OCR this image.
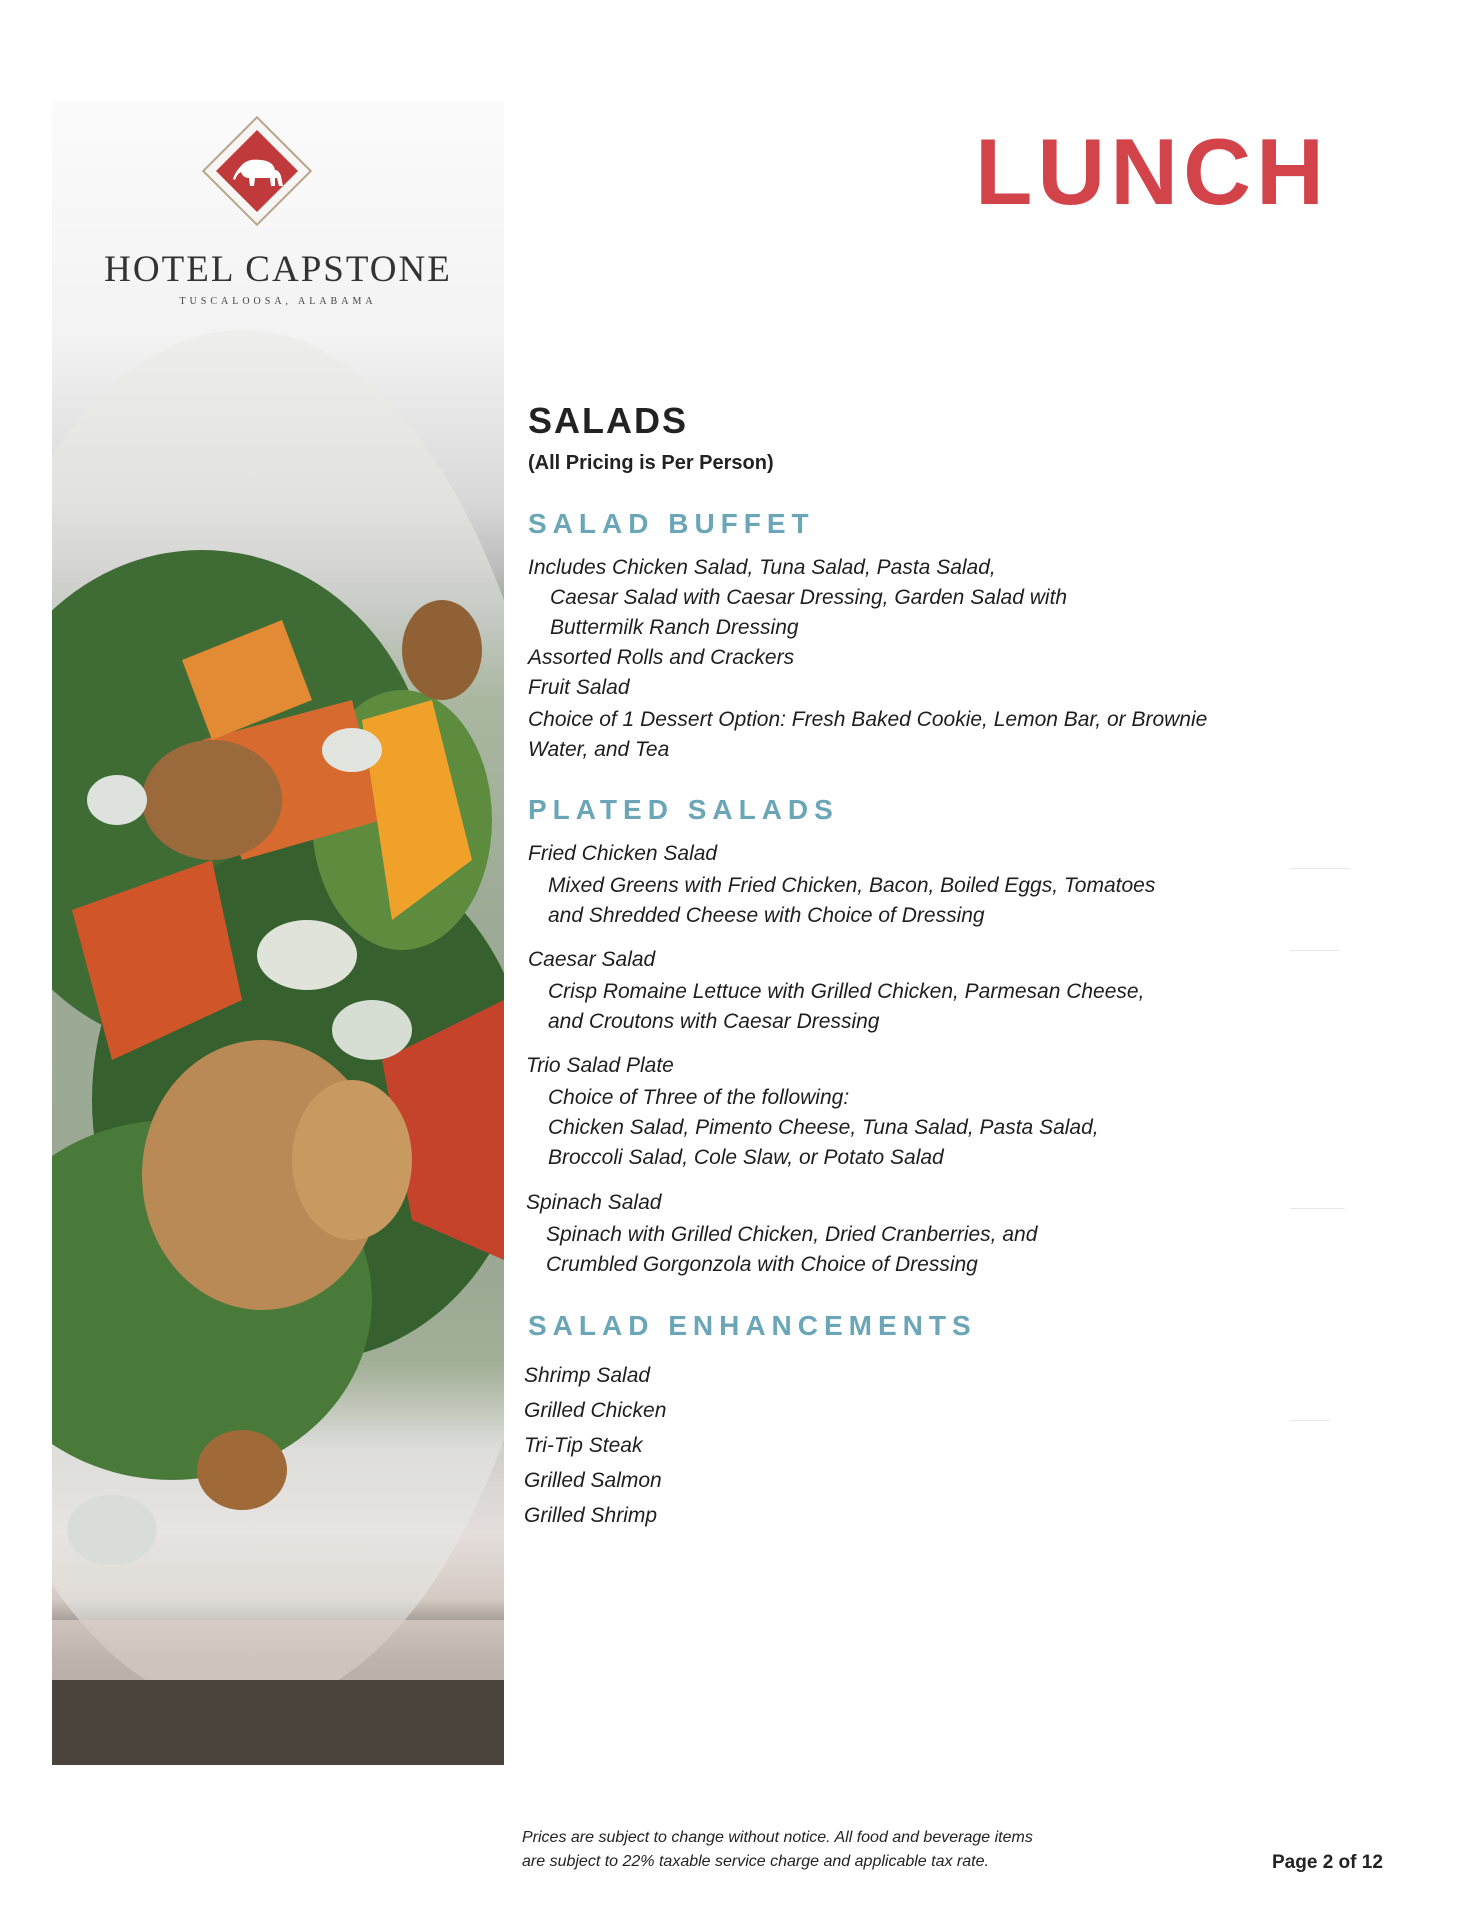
HOTEL CAPSTONE
TUSCALOOSA, ALABAMA
LUNCH
SALADS
(All Pricing is Per Person)
SALAD BUFFET
Includes Chicken Salad, Tuna Salad, Pasta Salad,
Caesar Salad with Caesar Dressing, Garden Salad with
Buttermilk Ranch Dressing
Assorted Rolls and Crackers
Fruit Salad
Choice of 1 Dessert Option: Fresh Baked Cookie, Lemon Bar, or Brownie
Water, and Tea
PLATED SALADS
Fried Chicken Salad
Mixed Greens with Fried Chicken, Bacon, Boiled Eggs, Tomatoes
and Shredded Cheese with Choice of Dressing
Caesar Salad
Crisp Romaine Lettuce with Grilled Chicken, Parmesan Cheese,
and Croutons with Caesar Dressing
Trio Salad Plate
Choice of Three of the following:
Chicken Salad, Pimento Cheese, Tuna Salad, Pasta Salad,
Broccoli Salad, Cole Slaw, or Potato Salad
Spinach Salad
Spinach with Grilled Chicken, Dried Cranberries, and
Crumbled Gorgonzola with Choice of Dressing
SALAD ENHANCEMENTS
Shrimp Salad
Grilled Chicken
Tri-Tip Steak
Grilled Salmon
Grilled Shrimp
Prices are subject to change without notice. All food and beverage items
are subject to 22% taxable service charge and applicable tax rate.	Page 2 of 12
